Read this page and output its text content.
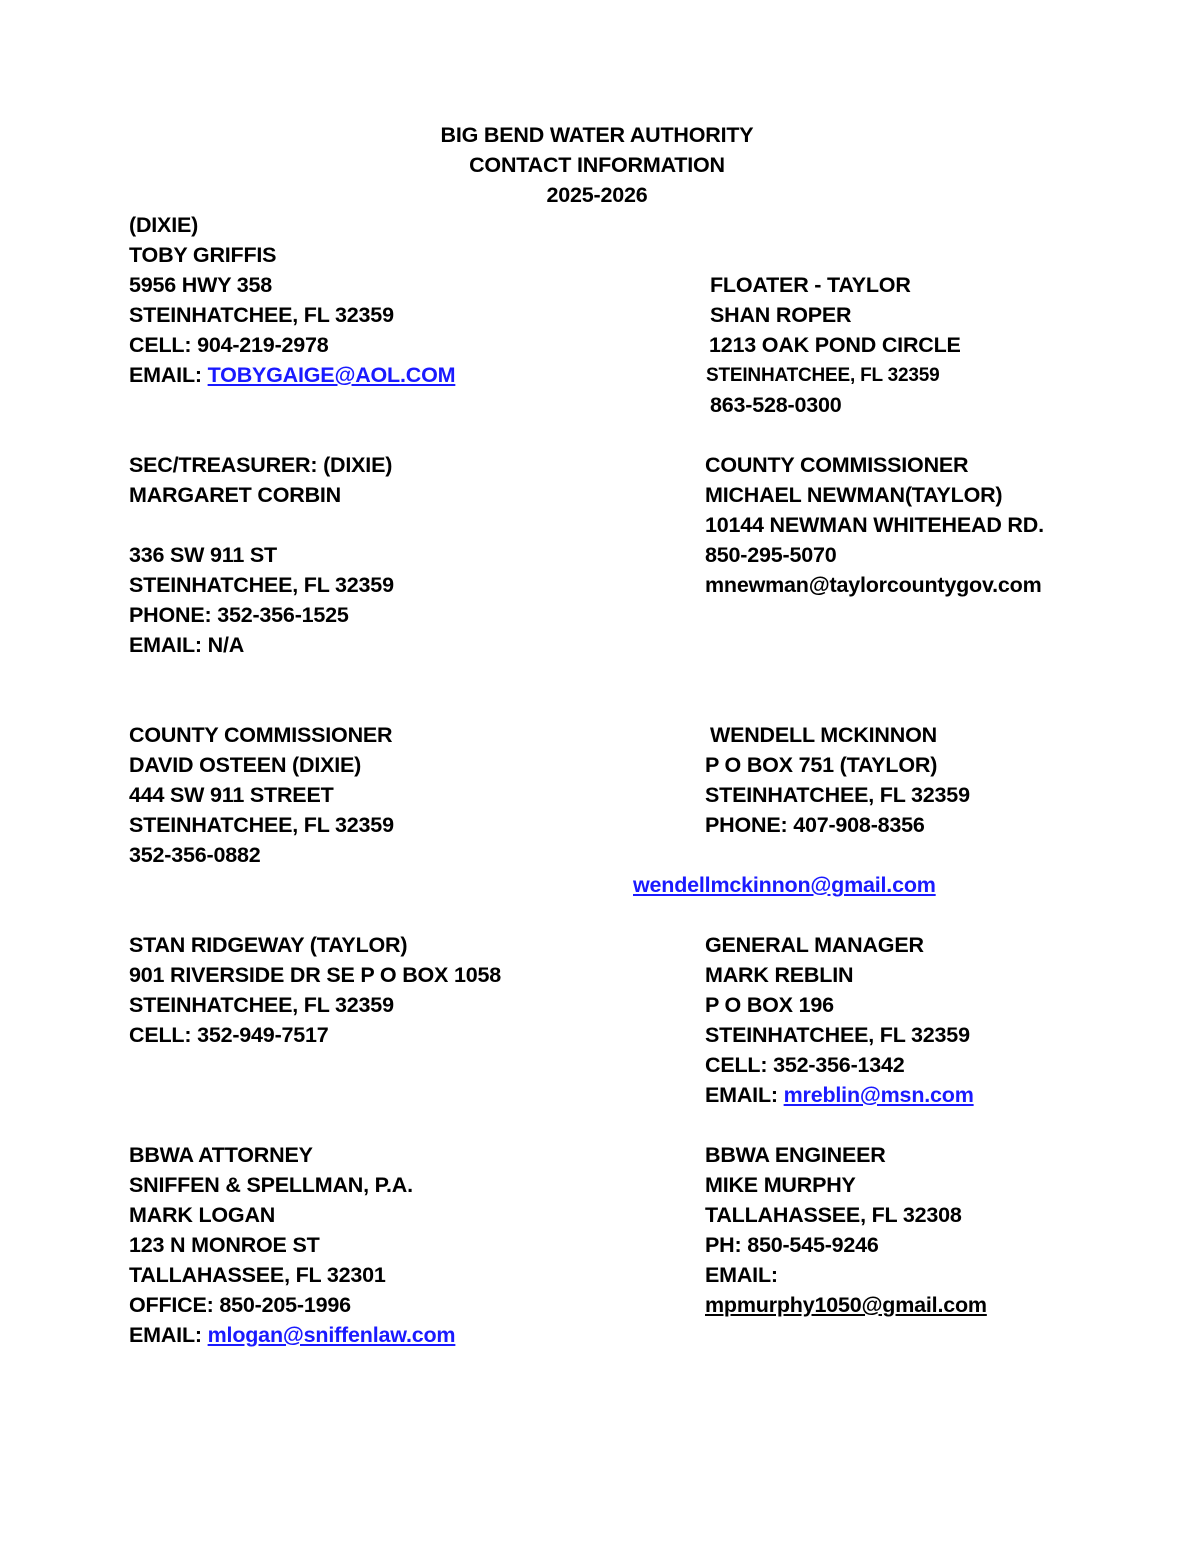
BIG BEND WATER AUTHORITY
CONTACT INFORMATION
2025-2026
(DIXIE)
TOBY GRIFFIS
5956 HWY 358
STEINHATCHEE, FL 32359
CELL: 904-219-2978
EMAIL: TOBYGAIGE@AOL.COM
FLOATER - TAYLOR
SHAN ROPER
1213 OAK POND CIRCLE
STEINHATCHEE, FL 32359
863-528-0300
SEC/TREASURER: (DIXIE)
MARGARET CORBIN
336 SW 911 ST
STEINHATCHEE, FL 32359
PHONE: 352-356-1525
EMAIL: N/A
COUNTY COMMISSIONER
MICHAEL NEWMAN(TAYLOR)
10144 NEWMAN WHITEHEAD RD.
850-295-5070
mnewman@taylorcountygov.com
COUNTY COMMISSIONER
DAVID OSTEEN (DIXIE)
444 SW 911 STREET
STEINHATCHEE, FL 32359
352-356-0882
WENDELL MCKINNON
P O BOX 751 (TAYLOR)
STEINHATCHEE, FL 32359
PHONE: 407-908-8356
wendellmckinnon@gmail.com
STAN RIDGEWAY (TAYLOR)
901 RIVERSIDE DR SE P O BOX 1058
STEINHATCHEE, FL 32359
CELL: 352-949-7517
GENERAL MANAGER
MARK REBLIN
P O BOX 196
STEINHATCHEE, FL 32359
CELL: 352-356-1342
EMAIL: mreblin@msn.com
BBWA ATTORNEY
SNIFFEN & SPELLMAN, P.A.
MARK LOGAN
123 N MONROE ST
TALLAHASSEE, FL 32301
OFFICE: 850-205-1996
EMAIL: mlogan@sniffenlaw.com
BBWA ENGINEER
MIKE MURPHY
TALLAHASSEE, FL 32308
PH: 850-545-9246
EMAIL:
mpmurphy1050@gmail.com
